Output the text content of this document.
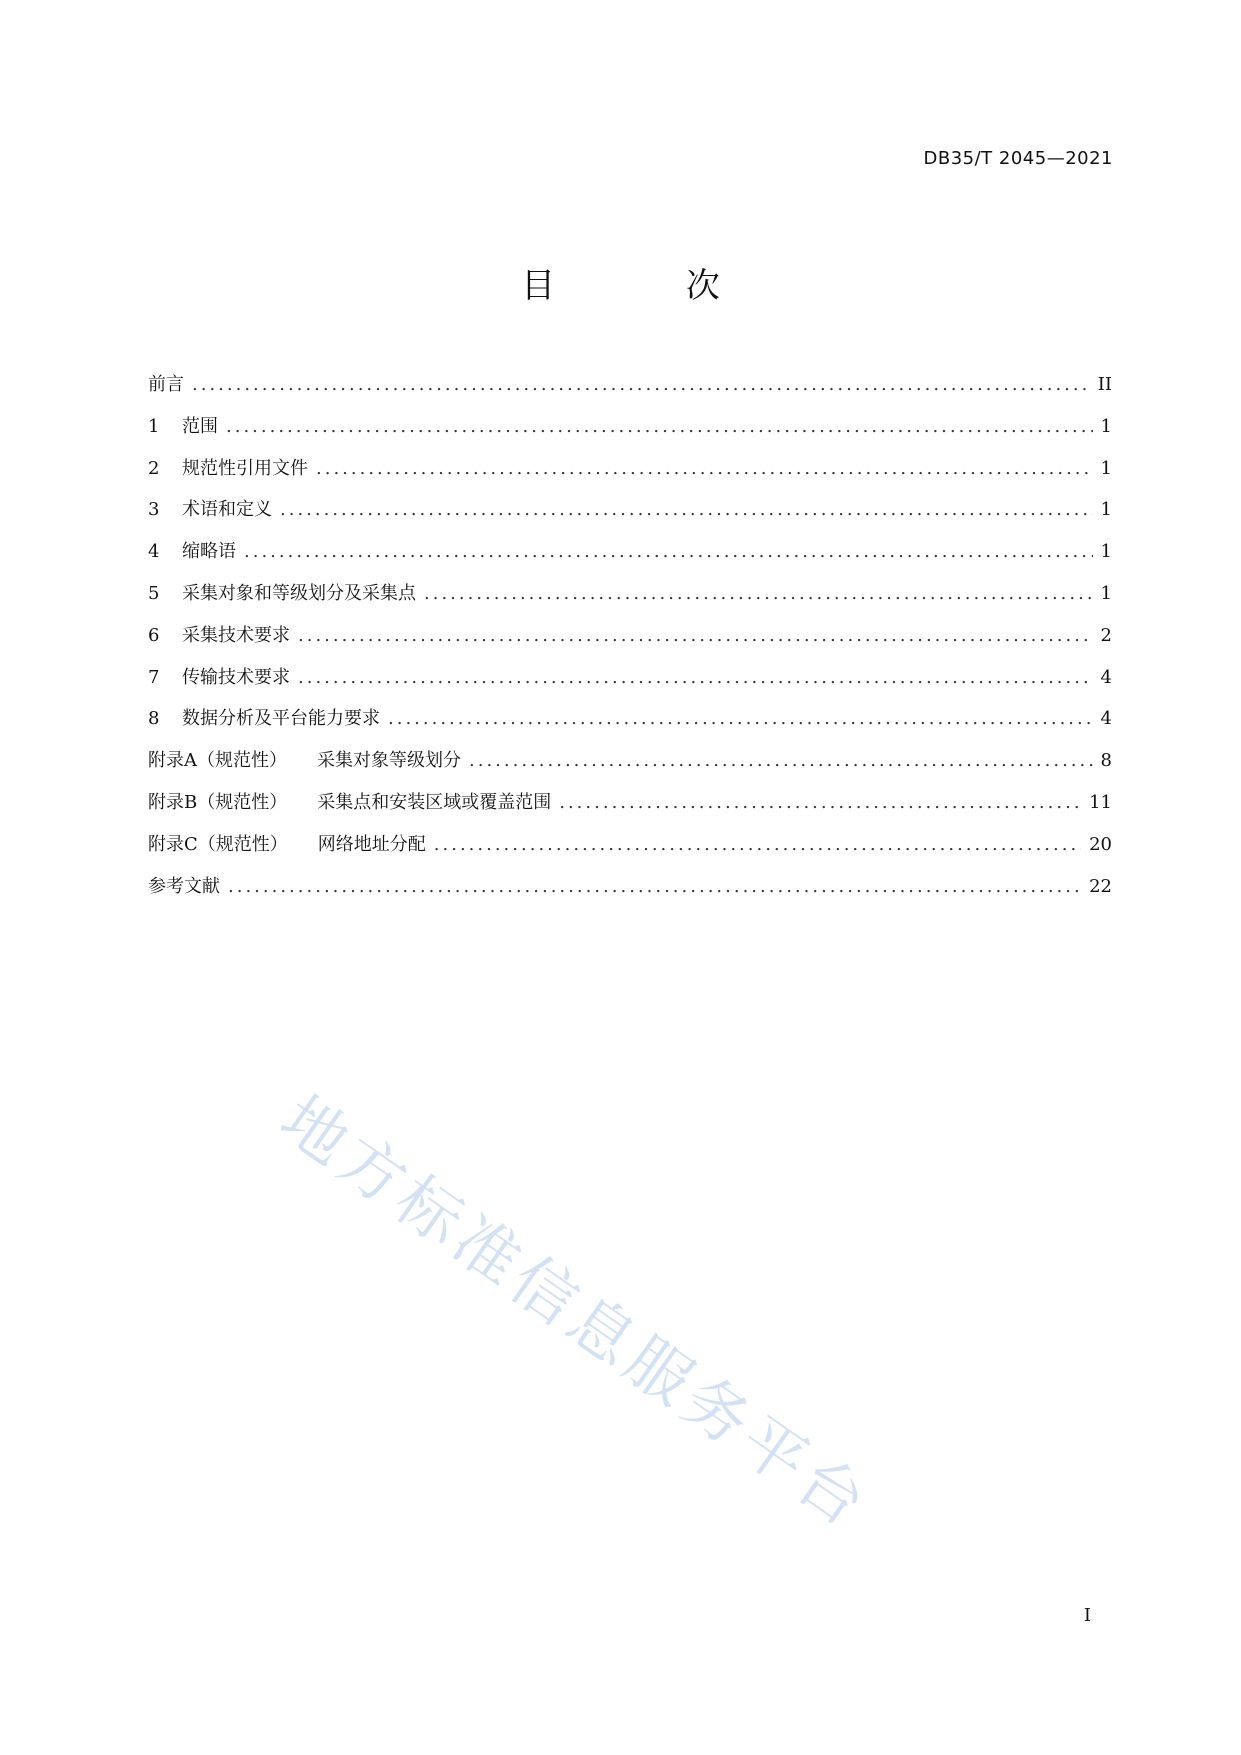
DB35/T 2045—2021
目 次
前言 .....	II
1	范围 .....	1
2	规范性引用文件 .....	1
3	术语和定义 .....	1
4	缩略语 .....	1
5	采集对象和等级划分及采集点 .....	1
6	采集技术要求 .....	2
7	传输技术要求 .....	4
8	数据分析及平台能力要求 .....	4
附录A（规范性） 采集对象等级划分 .....	8
附录B（规范性） 采集点和安装区域或覆盖范围 .....	11
附录C（规范性） 网络地址分配 .....	20
参考文献 .....	22
地方标准信息服务平台
I
